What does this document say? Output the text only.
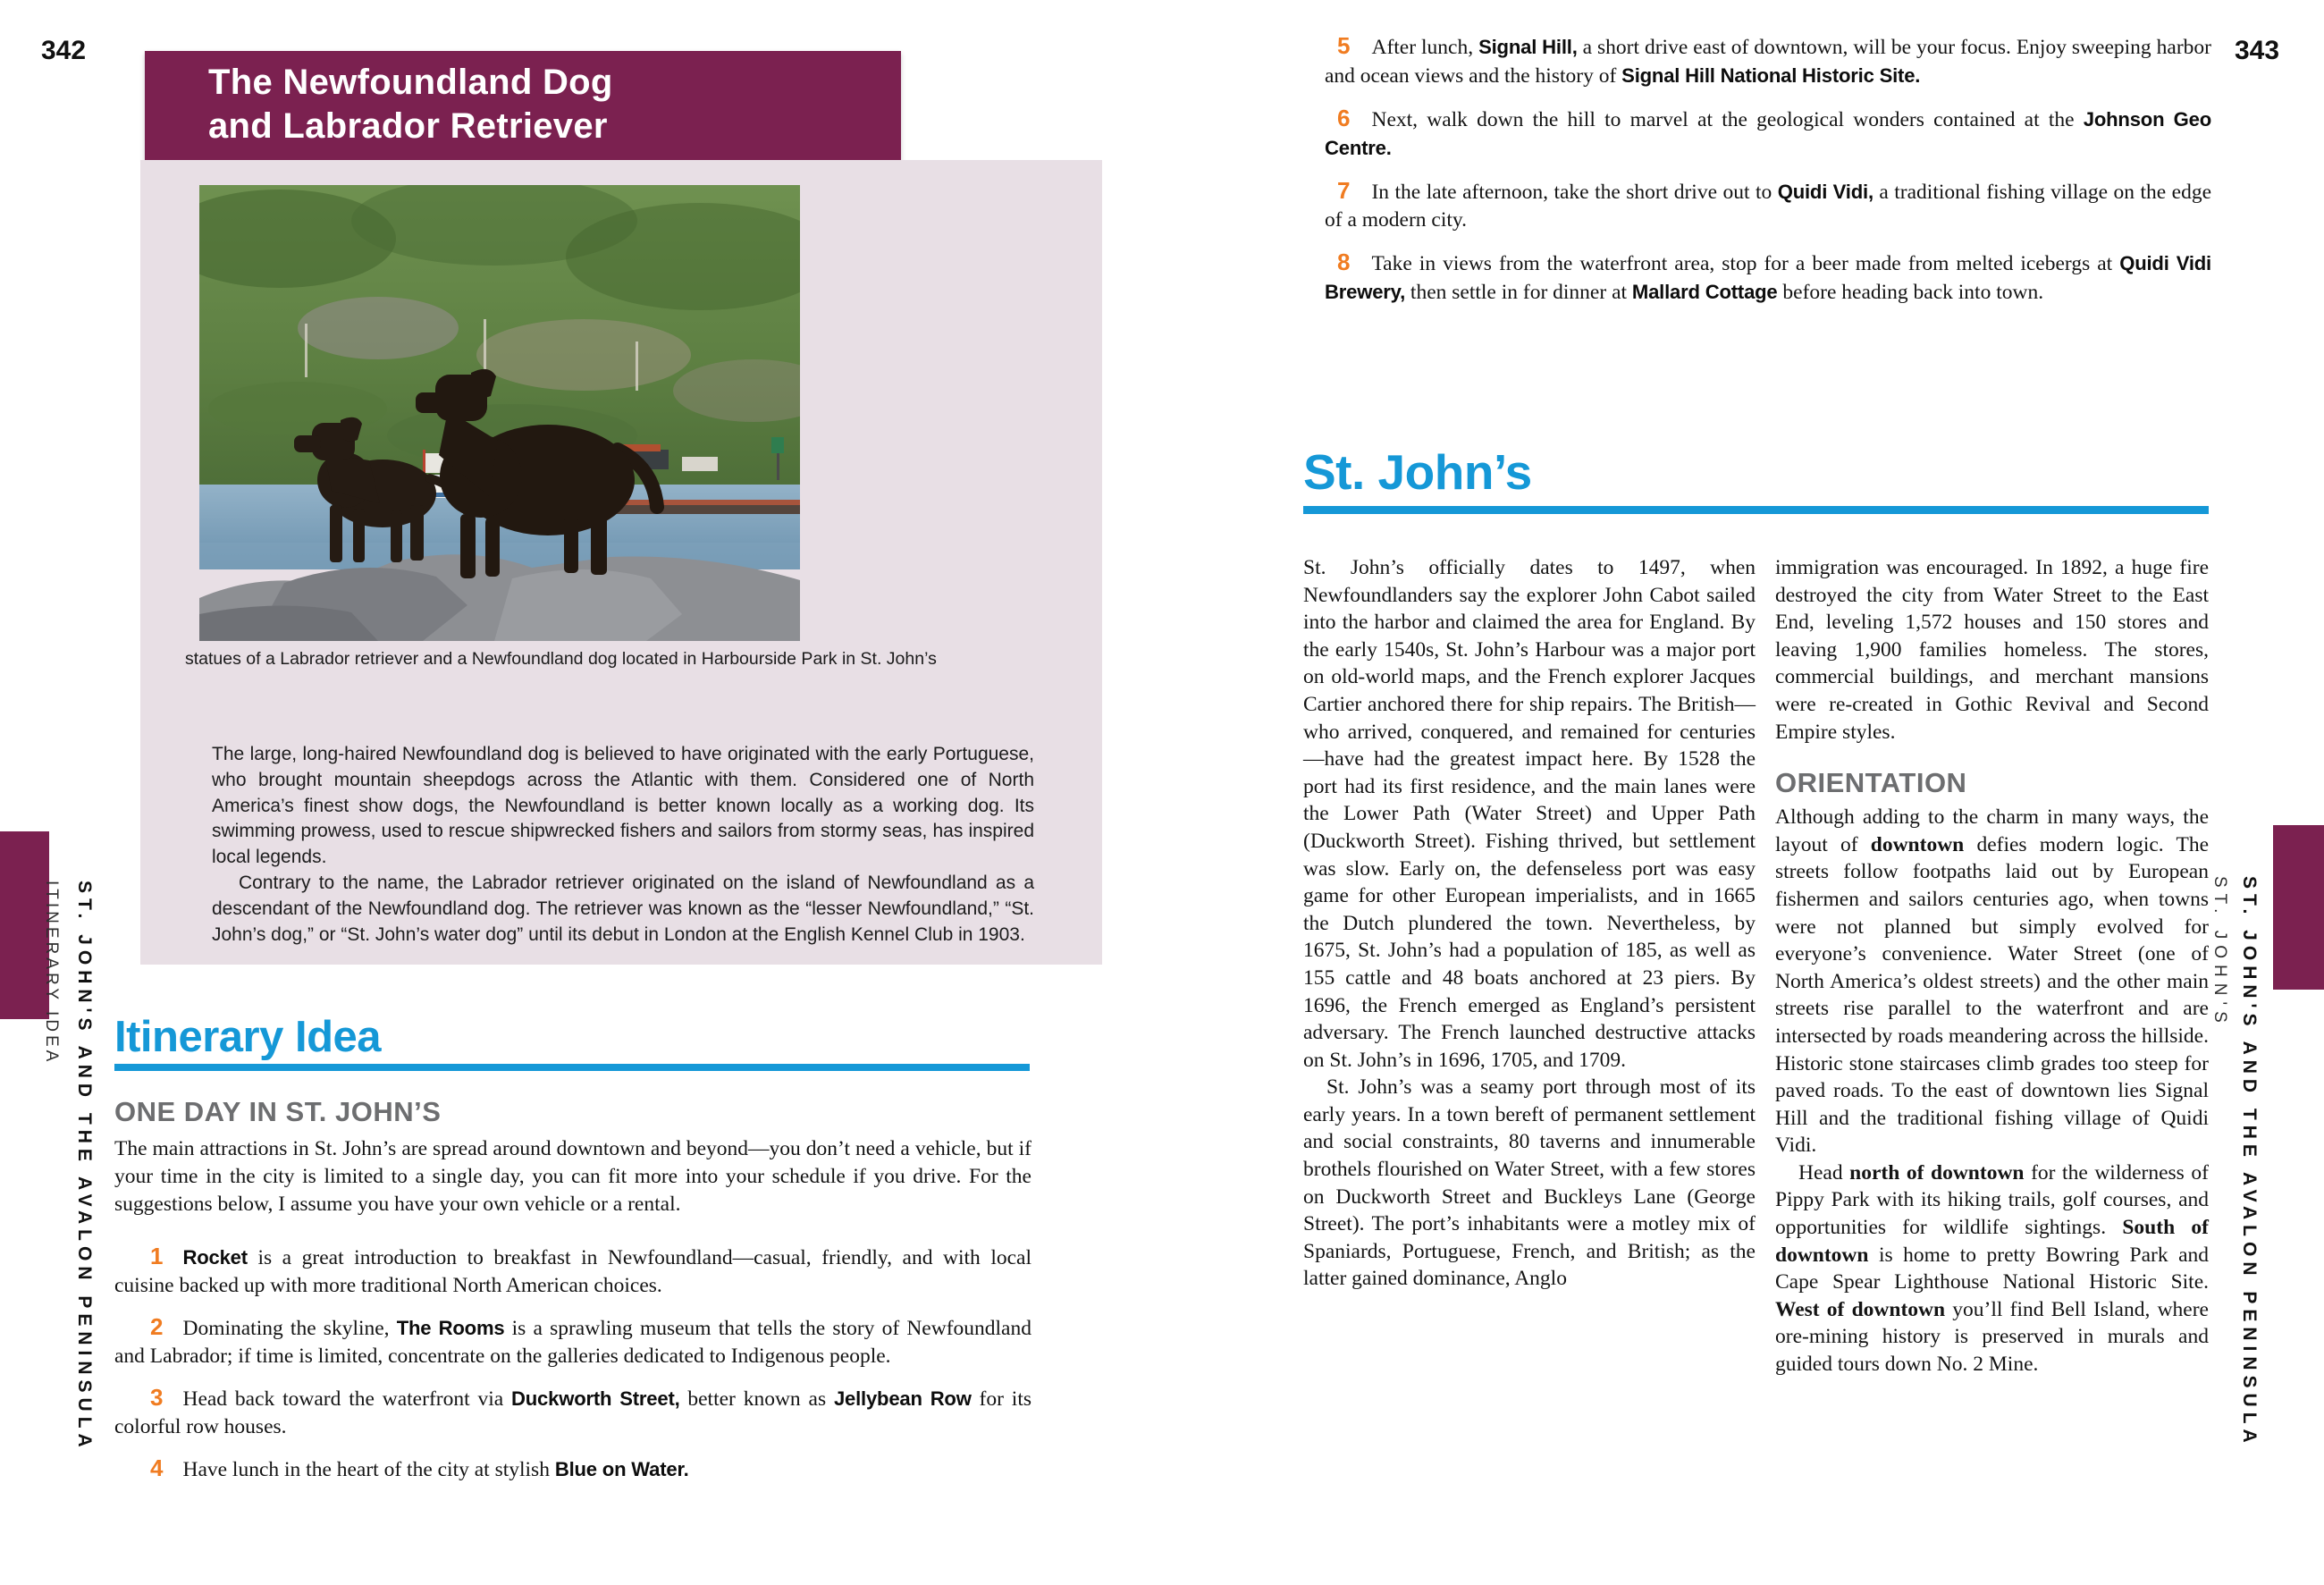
342
The Newfoundland Dog
and Labrador Retriever
statues of a Labrador retriever and a Newfoundland dog located in Harbourside Park in St. John’s

The large, long-haired Newfoundland dog is believed to have originated with the early Portuguese, who brought mountain sheepdogs across the Atlantic with them. Considered one of North America’s finest show dogs, the Newfoundland is better known locally as a working dog. Its swimming prowess, used to rescue shipwrecked fishers and sailors from stormy seas, has inspired local legends.

Contrary to the name, the Labrador retriever originated on the island of Newfoundland as a descendant of the Newfoundland dog. The retriever was known as the “lesser Newfoundland,” “St. John’s dog,” or “St. John’s water dog” until its debut in London at the English Kennel Club in 1903.

Itinerary Idea
ONE DAY IN ST. JOHN’S

The main attractions in St. John’s are spread around downtown and beyond—you don’t need a vehicle, but if your time in the city is limited to a single day, you can fit more into your schedule if you drive. For the suggestions below, I assume you have your own vehicle or a rental.

1 Rocket is a great introduction to breakfast in Newfoundland—casual, friendly, and with local cuisine backed up with more traditional North American choices.

2 Dominating the skyline, The Rooms is a sprawling museum that tells the story of Newfoundland and Labrador; if time is limited, concentrate on the galleries dedicated to Indigenous people.

3 Head back toward the waterfront via Duckworth Street, better known as Jellybean Row for its colorful row houses.

4 Have lunch in the heart of the city at stylish Blue on Water.

ST. JOHN'S AND THE AVALON PENINSULA
ITINERARY IDEA
343

5 After lunch, Signal Hill, a short drive east of downtown, will be your focus. Enjoy sweeping harbor and ocean views and the history of Signal Hill National Historic Site.

6 Next, walk down the hill to marvel at the geological wonders contained at the Johnson Geo Centre.

7 In the late afternoon, take the short drive out to Quidi Vidi, a traditional fishing village on the edge of a modern city.

8 Take in views from the waterfront area, stop for a beer made from melted icebergs at Quidi Vidi Brewery, then settle in for dinner at Mallard Cottage before heading back into town.

St. John’s

St. John’s officially dates to 1497, when Newfoundlanders say the explorer John Cabot sailed into the harbor and claimed the area for England. By the early 1540s, St. John’s Harbour was a major port on old-world maps, and the French explorer Jacques Cartier anchored there for ship repairs. The British—who arrived, conquered, and remained for centuries—have had the greatest impact here. By 1528 the port had its first residence, and the main lanes were the Lower Path (Water Street) and Upper Path (Duckworth Street). Fishing thrived, but settlement was slow. Early on, the defenseless port was easy game for other European imperialists, and in 1665 the Dutch plundered the town. Nevertheless, by 1675, St. John’s had a population of 185, as well as 155 cattle and 48 boats anchored at 23 piers. By 1696, the French emerged as England’s persistent adversary. The French launched destructive attacks on St. John’s in 1696, 1705, and 1709.

St. John’s was a seamy port through most of its early years. In a town bereft of permanent settlement and social constraints, 80 taverns and innumerable brothels flourished on Water Street, with a few stores on Duckworth Street and Buckleys Lane (George Street). The port’s inhabitants were a motley mix of Spaniards, Portuguese, French, and British; as the latter gained dominance, Anglo

immigration was encouraged. In 1892, a huge fire destroyed the city from Water Street to the East End, leveling 1,572 houses and 150 stores and leaving 1,900 families homeless. The stores, commercial buildings, and merchant mansions were re-created in Gothic Revival and Second Empire styles.

ORIENTATION

Although adding to the charm in many ways, the layout of downtown defies modern logic. The streets follow footpaths laid out by European fishermen and sailors centuries ago, when towns were not planned but simply evolved for everyone’s convenience. Water Street (one of North America’s oldest streets) and the other main streets rise parallel to the waterfront and are intersected by roads meandering across the hillside. Historic stone staircases climb grades too steep for paved roads. To the east of downtown lies Signal Hill and the traditional fishing village of Quidi Vidi.

Head north of downtown for the wilderness of Pippy Park with its hiking trails, golf courses, and opportunities for wildlife sightings. South of downtown is home to pretty Bowring Park and Cape Spear Lighthouse National Historic Site. West of downtown you’ll find Bell Island, where ore-mining history is preserved in murals and guided tours down No. 2 Mine.	ST. JOHN'S AND THE AVALON PENINSULA
ST. JOHN'S
